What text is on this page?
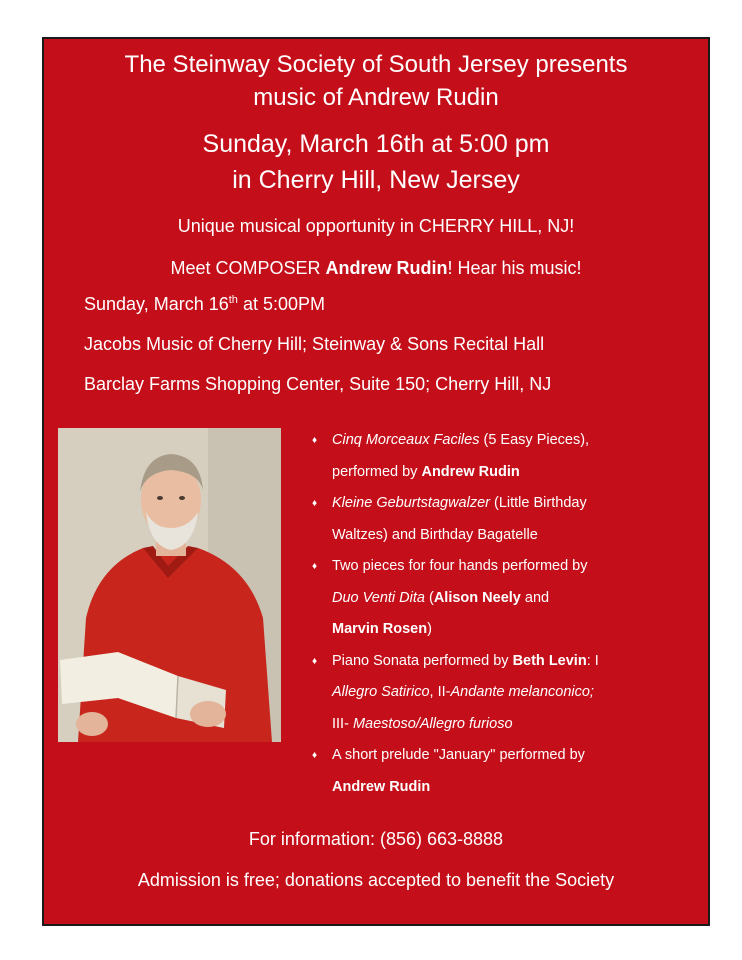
The Steinway Society of South Jersey presents
music of Andrew Rudin
Sunday, March 16th at 5:00 pm
in Cherry Hill, New Jersey
Unique musical opportunity in CHERRY HILL, NJ!
Meet COMPOSER Andrew Rudin! Hear his music!
Sunday, March 16th at 5:00PM
Jacobs Music of Cherry Hill; Steinway & Sons Recital Hall
Barclay Farms Shopping Center, Suite 150; Cherry Hill, NJ
♦ Cinq Morceaux Faciles (5 Easy Pieces),
performed by Andrew Rudin
♦ Kleine Geburtstagwalzer (Little Birthday
Waltzes) and Birthday Bagatelle
♦ Two pieces for four hands performed by
Duo Venti Dita (Alison Neely and
Marvin Rosen)
♦ Piano Sonata performed by Beth Levin: I
Allegro Satirico, II-Andante melanconico;
III- Maestoso/Allegro furioso
♦ A short prelude "January" performed by
Andrew Rudin
For information: (856) 663-8888
Admission is free; donations accepted to benefit the Society
